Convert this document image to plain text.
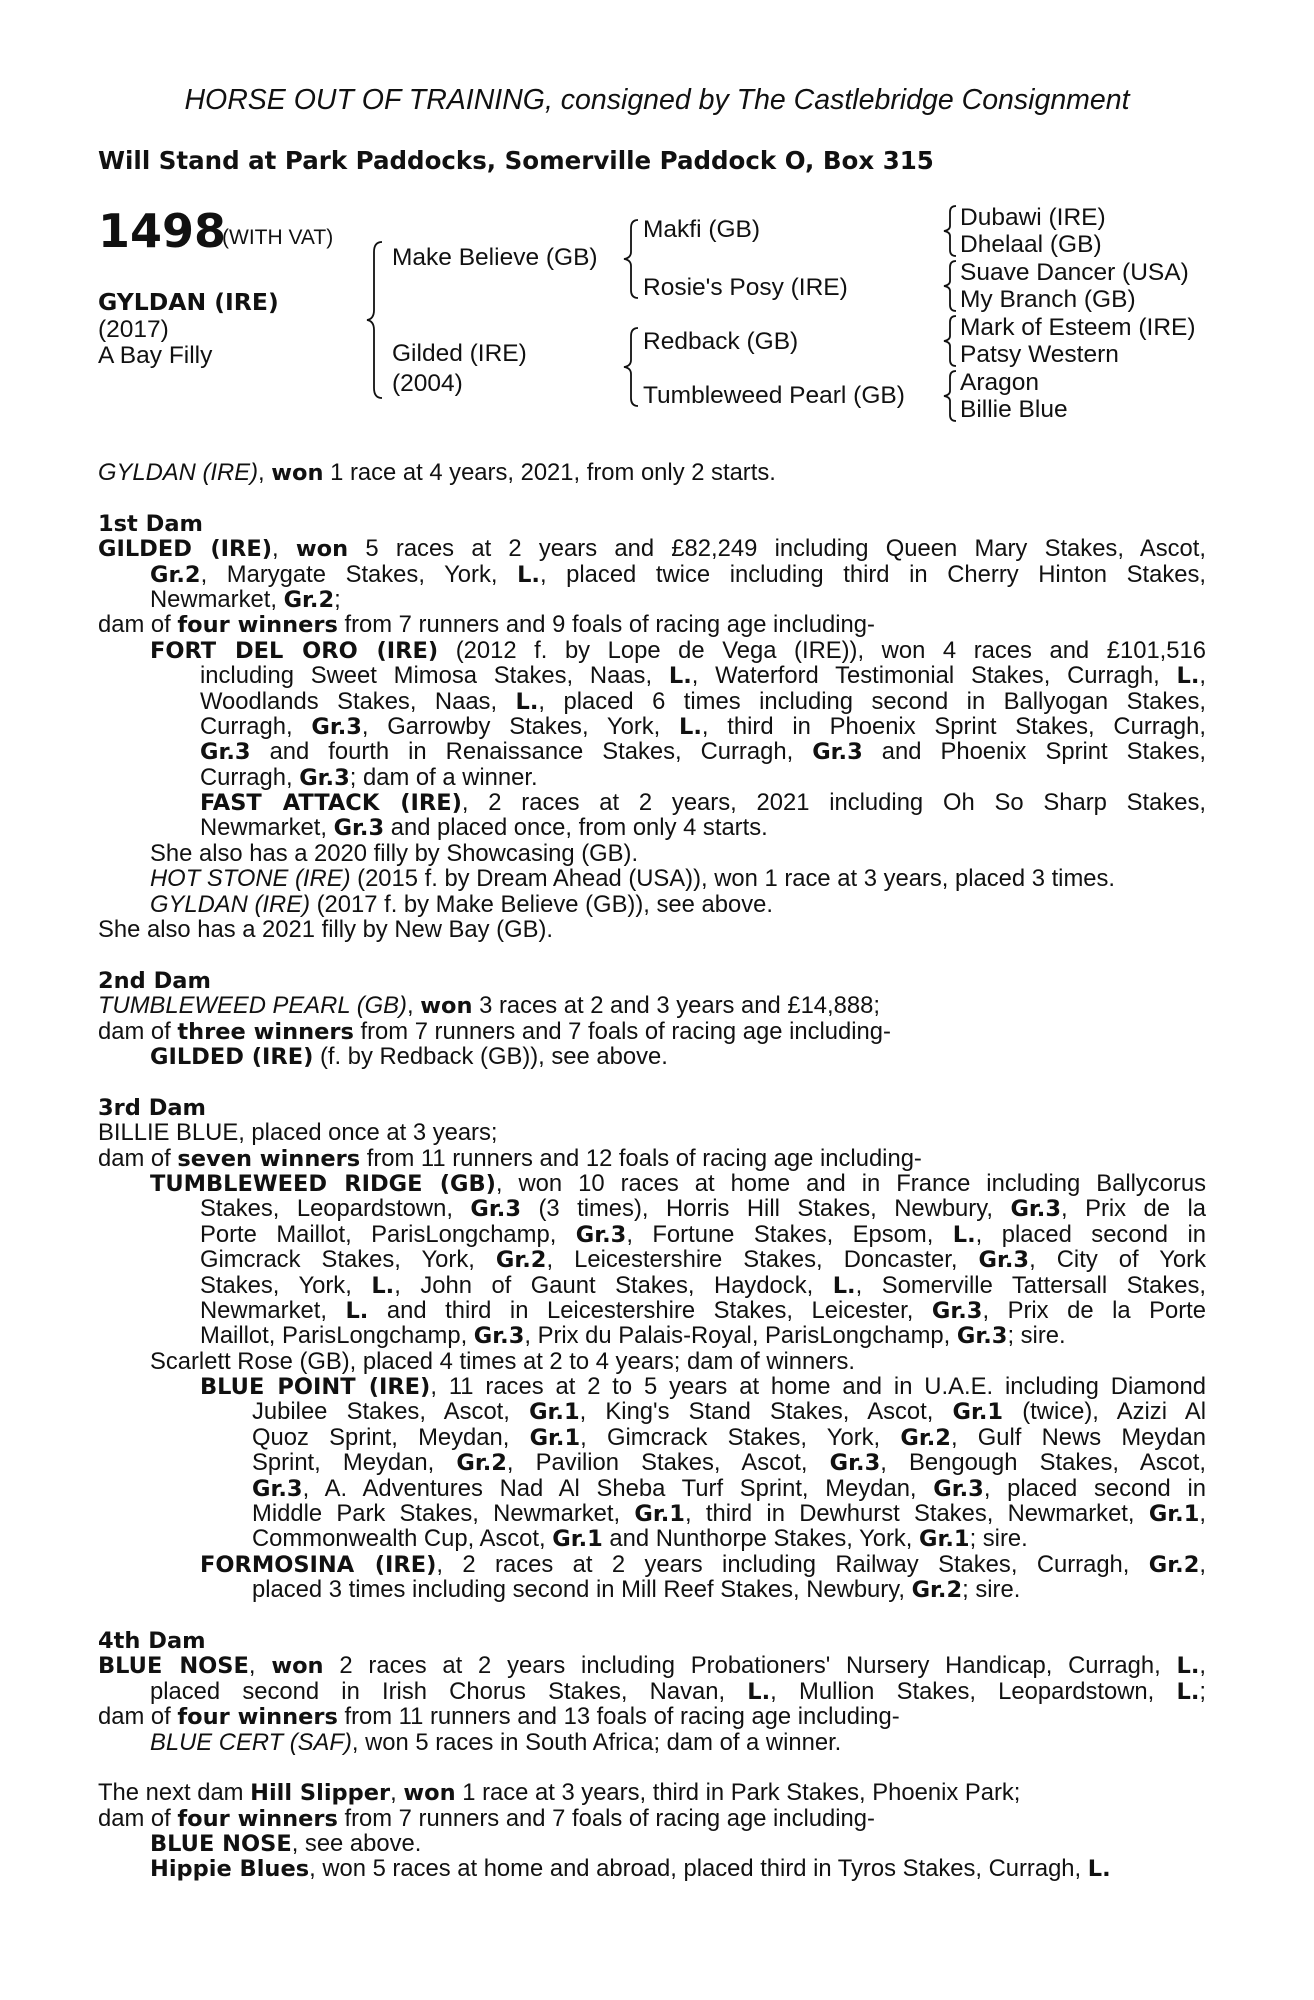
HORSE OUT OF TRAINING, consigned by The Castlebridge Consignment
Will Stand at Park Paddocks, Somerville Paddock O, Box 315
1498
(WITH VAT)
GYLDAN (IRE)
(2017)
A Bay Filly
Make Believe (GB)
Gilded (IRE)
(2004)
Makfi (GB)
Rosie's Posy (IRE)
Redback (GB)
Tumbleweed Pearl (GB)
Dubawi (IRE)
Dhelaal (GB)
Suave Dancer (USA)
My Branch (GB)
Mark of Esteem (IRE)
Patsy Western
Aragon
Billie Blue
GYLDAN (IRE), won 1 race at 4 years, 2021, from only 2 starts.
1st Dam
GILDED (IRE), won 5 races at 2 years and £82,249 including Queen Mary Stakes, Ascot,
Gr.2, Marygate Stakes, York, L., placed twice including third in Cherry Hinton Stakes,
Newmarket, Gr.2;
dam of four winners from 7 runners and 9 foals of racing age including-
FORT DEL ORO (IRE) (2012 f. by Lope de Vega (IRE)), won 4 races and £101,516
including Sweet Mimosa Stakes, Naas, L., Waterford Testimonial Stakes, Curragh, L.,
Woodlands Stakes, Naas, L., placed 6 times including second in Ballyogan Stakes,
Curragh, Gr.3, Garrowby Stakes, York, L., third in Phoenix Sprint Stakes, Curragh,
Gr.3 and fourth in Renaissance Stakes, Curragh, Gr.3 and Phoenix Sprint Stakes,
Curragh, Gr.3; dam of a winner.
FAST ATTACK (IRE), 2 races at 2 years, 2021 including Oh So Sharp Stakes,
Newmarket, Gr.3 and placed once, from only 4 starts.
She also has a 2020 filly by Showcasing (GB).
HOT STONE (IRE) (2015 f. by Dream Ahead (USA)), won 1 race at 3 years, placed 3 times.
GYLDAN (IRE) (2017 f. by Make Believe (GB)), see above.
She also has a 2021 filly by New Bay (GB).
2nd Dam
TUMBLEWEED PEARL (GB), won 3 races at 2 and 3 years and £14,888;
dam of three winners from 7 runners and 7 foals of racing age including-
GILDED (IRE) (f. by Redback (GB)), see above.
3rd Dam
BILLIE BLUE, placed once at 3 years;
dam of seven winners from 11 runners and 12 foals of racing age including-
TUMBLEWEED RIDGE (GB), won 10 races at home and in France including Ballycorus
Stakes, Leopardstown, Gr.3 (3 times), Horris Hill Stakes, Newbury, Gr.3, Prix de la
Porte Maillot, ParisLongchamp, Gr.3, Fortune Stakes, Epsom, L., placed second in
Gimcrack Stakes, York, Gr.2, Leicestershire Stakes, Doncaster, Gr.3, City of York
Stakes, York, L., John of Gaunt Stakes, Haydock, L., Somerville Tattersall Stakes,
Newmarket, L. and third in Leicestershire Stakes, Leicester, Gr.3, Prix de la Porte
Maillot, ParisLongchamp, Gr.3, Prix du Palais-Royal, ParisLongchamp, Gr.3; sire.
Scarlett Rose (GB), placed 4 times at 2 to 4 years; dam of winners.
BLUE POINT (IRE), 11 races at 2 to 5 years at home and in U.A.E. including Diamond
Jubilee Stakes, Ascot, Gr.1, King's Stand Stakes, Ascot, Gr.1 (twice), Azizi Al
Quoz Sprint, Meydan, Gr.1, Gimcrack Stakes, York, Gr.2, Gulf News Meydan
Sprint, Meydan, Gr.2, Pavilion Stakes, Ascot, Gr.3, Bengough Stakes, Ascot,
Gr.3, A. Adventures Nad Al Sheba Turf Sprint, Meydan, Gr.3, placed second in
Middle Park Stakes, Newmarket, Gr.1, third in Dewhurst Stakes, Newmarket, Gr.1,
Commonwealth Cup, Ascot, Gr.1 and Nunthorpe Stakes, York, Gr.1; sire.
FORMOSINA (IRE), 2 races at 2 years including Railway Stakes, Curragh, Gr.2,
placed 3 times including second in Mill Reef Stakes, Newbury, Gr.2; sire.
4th Dam
BLUE NOSE, won 2 races at 2 years including Probationers' Nursery Handicap, Curragh, L.,
placed second in Irish Chorus Stakes, Navan, L., Mullion Stakes, Leopardstown, L.;
dam of four winners from 11 runners and 13 foals of racing age including-
BLUE CERT (SAF), won 5 races in South Africa; dam of a winner.
The next dam Hill Slipper, won 1 race at 3 years, third in Park Stakes, Phoenix Park;
dam of four winners from 7 runners and 7 foals of racing age including-
BLUE NOSE, see above.
Hippie Blues, won 5 races at home and abroad, placed third in Tyros Stakes, Curragh, L.
